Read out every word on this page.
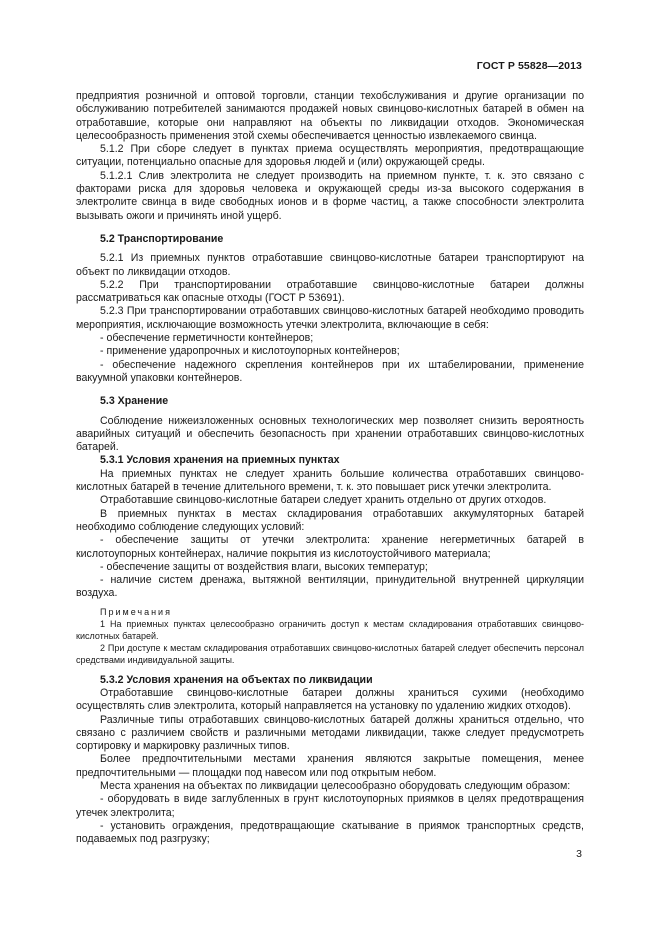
ГОСТ Р 55828—2013

предприятия розничной и оптовой торговли, станции техобслуживания и другие организации по обслуживанию потребителей занимаются продажей новых свинцово-кислотных батарей в обмен на отработавшие, которые они направляют на объекты по ликвидации отходов. Экономическая целесообразность применения этой схемы обеспечивается ценностью извлекаемого свинца.

5.1.2 При сборе следует в пунктах приема осуществлять мероприятия, предотвращающие ситуации, потенциально опасные для здоровья людей и (или) окружающей среды.

5.1.2.1 Слив электролита не следует производить на приемном пункте, т. к. это связано с факторами риска для здоровья человека и окружающей среды из-за высокого содержания в электролите свинца в виде свободных ионов и в форме частиц, а также способности электролита вызывать ожоги и причинять иной ущерб.

5.2 Транспортирование

5.2.1 Из приемных пунктов отработавшие свинцово-кислотные батареи транспортируют на объект по ликвидации отходов.

5.2.2 При транспортировании отработавшие свинцово-кислотные батареи должны рассматриваться как опасные отходы (ГОСТ Р 53691).

5.2.3 При транспортировании отработавших свинцово-кислотных батарей необходимо проводить мероприятия, исключающие возможность утечки электролита, включающие в себя:

- обеспечение герметичности контейнеров;

- применение ударопрочных и кислотоупорных контейнеров;

- обеспечение надежного скрепления контейнеров при их штабелировании, применение вакуумной упаковки контейнеров.

5.3 Хранение

Соблюдение нижеизложенных основных технологических мер позволяет снизить вероятность аварийных ситуаций и обеспечить безопасность при хранении отработавших свинцово-кислотных батарей.

5.3.1 Условия хранения на приемных пунктах

На приемных пунктах не следует хранить большие количества отработавших свинцово-кислотных батарей в течение длительного времени, т. к. это повышает риск утечки электролита.

Отработавшие свинцово-кислотные батареи следует хранить отдельно от других отходов.

В приемных пунктах в местах складирования отработавших аккумуляторных батарей необходимо соблюдение следующих условий:

- обеспечение защиты от утечки электролита: хранение негерметичных батарей в кислотоупорных контейнерах, наличие покрытия из кислотоустойчивого материала;

- обеспечение защиты от воздействия влаги, высоких температур;

- наличие систем дренажа, вытяжной вентиляции, принудительной внутренней циркуляции воздуха.

Примечания

1 На приемных пунктах целесообразно ограничить доступ к местам складирования отработавших свинцово-кислотных батарей.

2 При доступе к местам складирования отработавших свинцово-кислотных батарей следует обеспечить персонал средствами индивидуальной защиты.

5.3.2 Условия хранения на объектах по ликвидации

Отработавшие свинцово-кислотные батареи должны храниться сухими (необходимо осуществлять слив электролита, который направляется на установку по удалению жидких отходов).

Различные типы отработавших свинцово-кислотных батарей должны храниться отдельно, что связано с различием свойств и различными методами ликвидации, также следует предусмотреть сортировку и маркировку различных типов.

Более предпочтительными местами хранения являются закрытые помещения, менее предпочтительными — площадки под навесом или под открытым небом.

Места хранения на объектах по ликвидации целесообразно оборудовать следующим образом:

- оборудовать в виде заглубленных в грунт кислотоупорных приямков в целях предотвращения утечек электролита;

- установить ограждения, предотвращающие скатывание в приямок транспортных средств, подаваемых под разгрузку;

3
